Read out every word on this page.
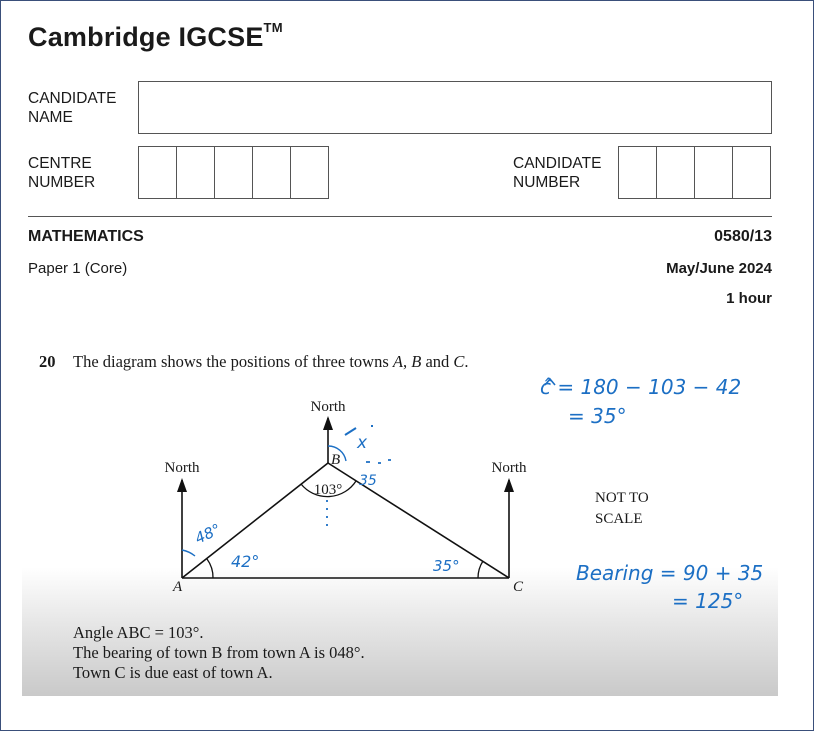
Cambridge IGCSE™
CANDIDATE
NAME
CENTRE
NUMBER
CANDIDATE
NUMBER
MATHEMATICS	0580/13
Paper 1 (Core)	May/June 2024
1 hour
20 The diagram shows the positions of three towns A, B and C.
Angle ABC = 103°.
The bearing of town B from town A is 048°.
Town C is due east of town A.
North
North	North
A
B
C
103°	NOT TO
SCALE
48°
42°
35
35°
x
ĉ = 180 − 103 − 42
= 35°
Bearing = 90 + 35
= 125°
